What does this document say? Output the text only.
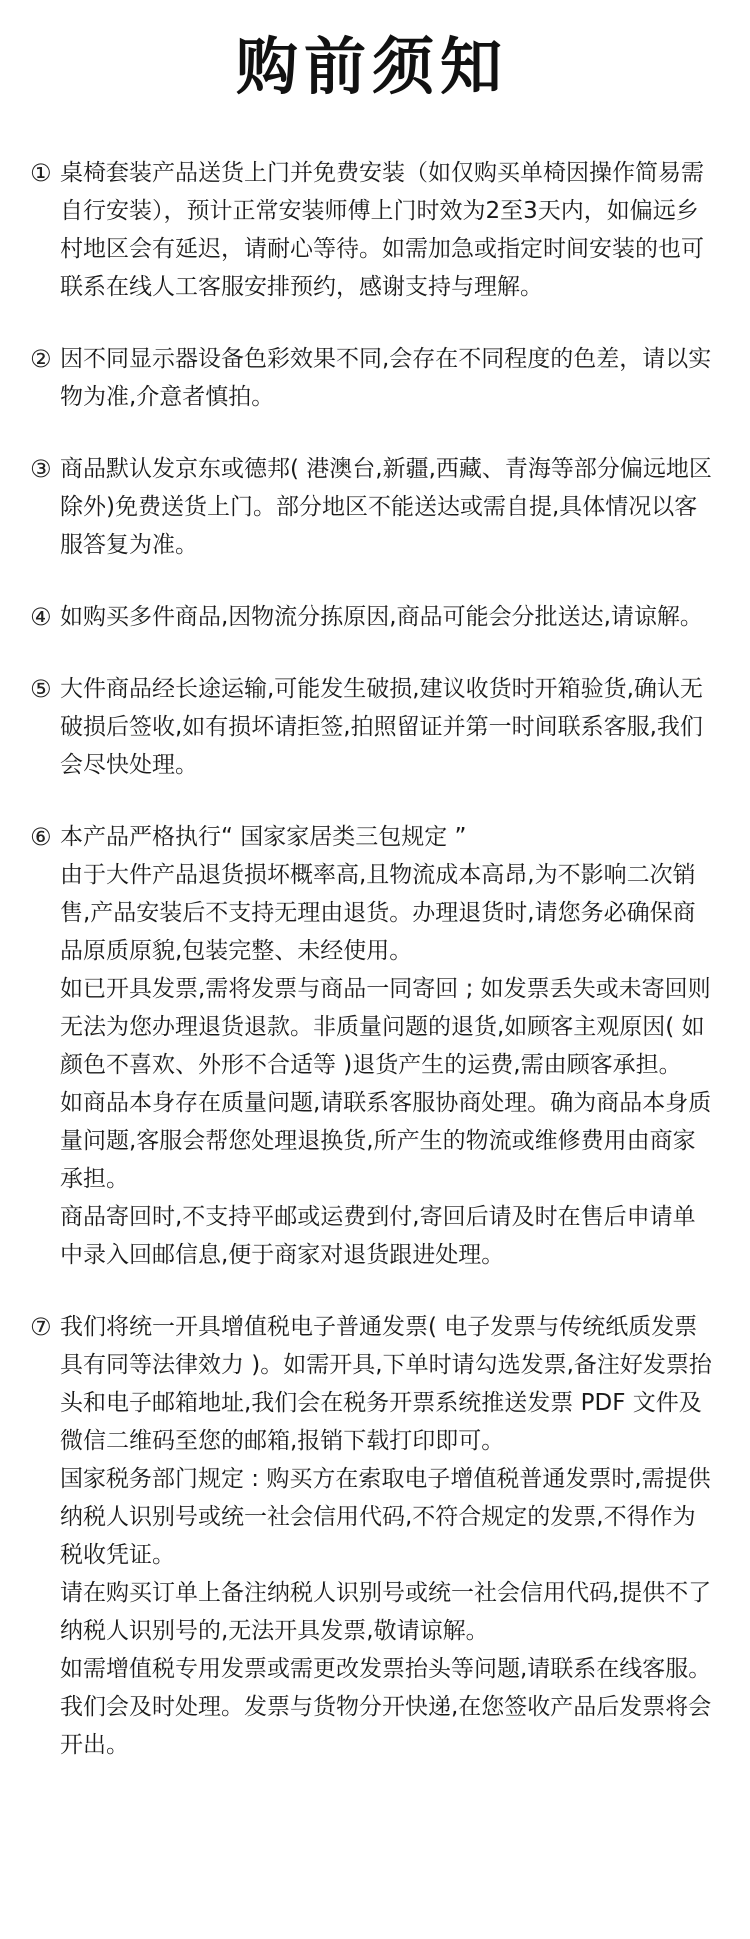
购前须知
① 桌椅套装产品送货上门并免费安装（如仅购买单椅因操作简易需自行安装），预计正常安装师傅上门时效为2至3天内，如偏远乡村地区会有延迟，请耐心等待。如需加急或指定时间安装的也可联系在线人工客服安排预约，感谢支持与理解。
② 因不同显示器设备色彩效果不同,会存在不同程度的色差，请以实物为准,介意者慎拍。
③ 商品默认发京东或德邦( 港澳台,新疆,西藏、青海等部分偏远地区除外)免费送货上门。部分地区不能送达或需自提,具体情况以客服答复为准。
④ 如购买多件商品,因物流分拣原因,商品可能会分批送达,请谅解。
⑤ 大件商品经长途运输,可能发生破损,建议收货时开箱验货,确认无破损后签收,如有损坏请拒签,拍照留证并第一时间联系客服,我们会尽快处理。
⑥ 本产品严格执行“ 国家家居类三包规定 ”
由于大件产品退货损坏概率高,且物流成本高昂,为不影响二次销售,产品安装后不支持无理由退货。办理退货时,请您务必确保商品原质原貌,包装完整、未经使用。
如已开具发票,需将发票与商品一同寄回 ; 如发票丢失或未寄回则无法为您办理退货退款。非质量问题的退货,如顾客主观原因( 如颜色不喜欢、外形不合适等 )退货产生的运费,需由顾客承担。
如商品本身存在质量问题,请联系客服协商处理。确为商品本身质量问题,客服会帮您处理退换货,所产生的物流或维修费用由商家承担。
商品寄回时,不支持平邮或运费到付,寄回后请及时在售后申请单中录入回邮信息,便于商家对退货跟进处理。
⑦ 我们将统一开具增值税电子普通发票( 电子发票与传统纸质发票具有同等法律效力 )。如需开具,下单时请勾选发票,备注好发票抬头和电子邮箱地址,我们会在税务开票系统推送发票 PDF 文件及微信二维码至您的邮箱,报销下载打印即可。
国家税务部门规定 : 购买方在索取电子增值税普通发票时,需提供纳税人识别号或统一社会信用代码,不符合规定的发票,不得作为税收凭证。
请在购买订单上备注纳税人识别号或统一社会信用代码,提供不了纳税人识别号的,无法开具发票,敬请谅解。
如需增值税专用发票或需更改发票抬头等问题,请联系在线客服。我们会及时处理。发票与货物分开快递,在您签收产品后发票将会开出。
